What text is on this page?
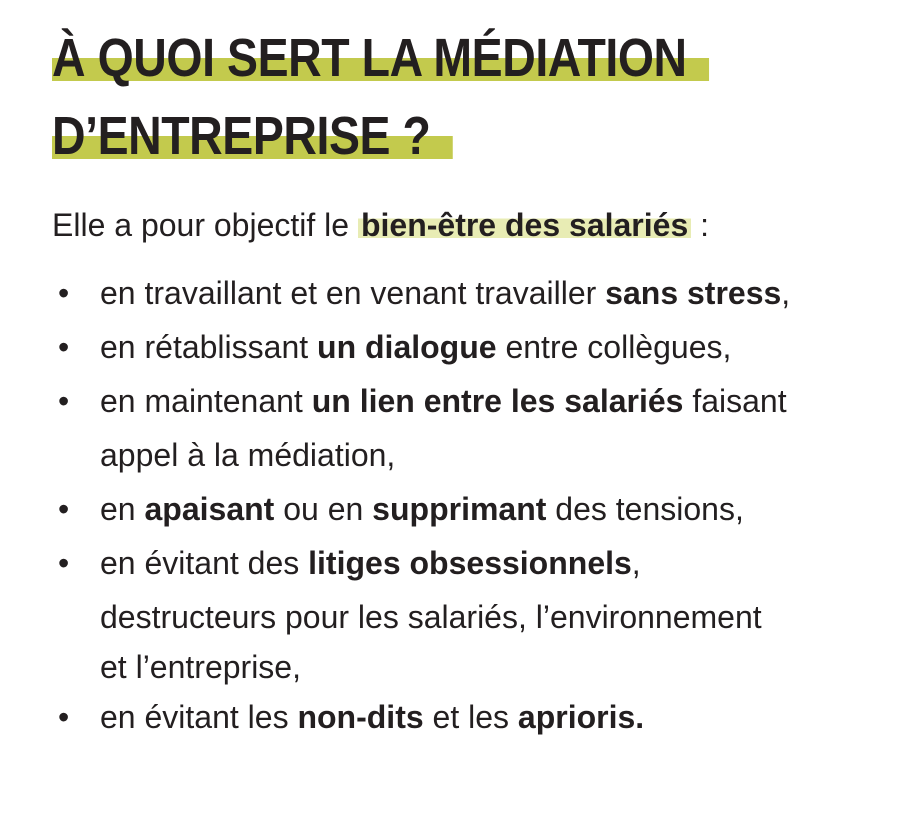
À QUOI SERT LA MÉDIATION
D’ENTREPRISE ?
Elle a pour objectif le bien-être des salariés :
• en travaillant et en venant travailler sans stress,
• en rétablissant un dialogue entre collègues,
• en maintenant un lien entre les salariés faisant
appel à la médiation,
• en apaisant ou en supprimant des tensions,
• en évitant des litiges obsessionnels,
destructeurs pour les salariés, l’environnement
et l’entreprise,
• en évitant les non-dits et les aprioris.
